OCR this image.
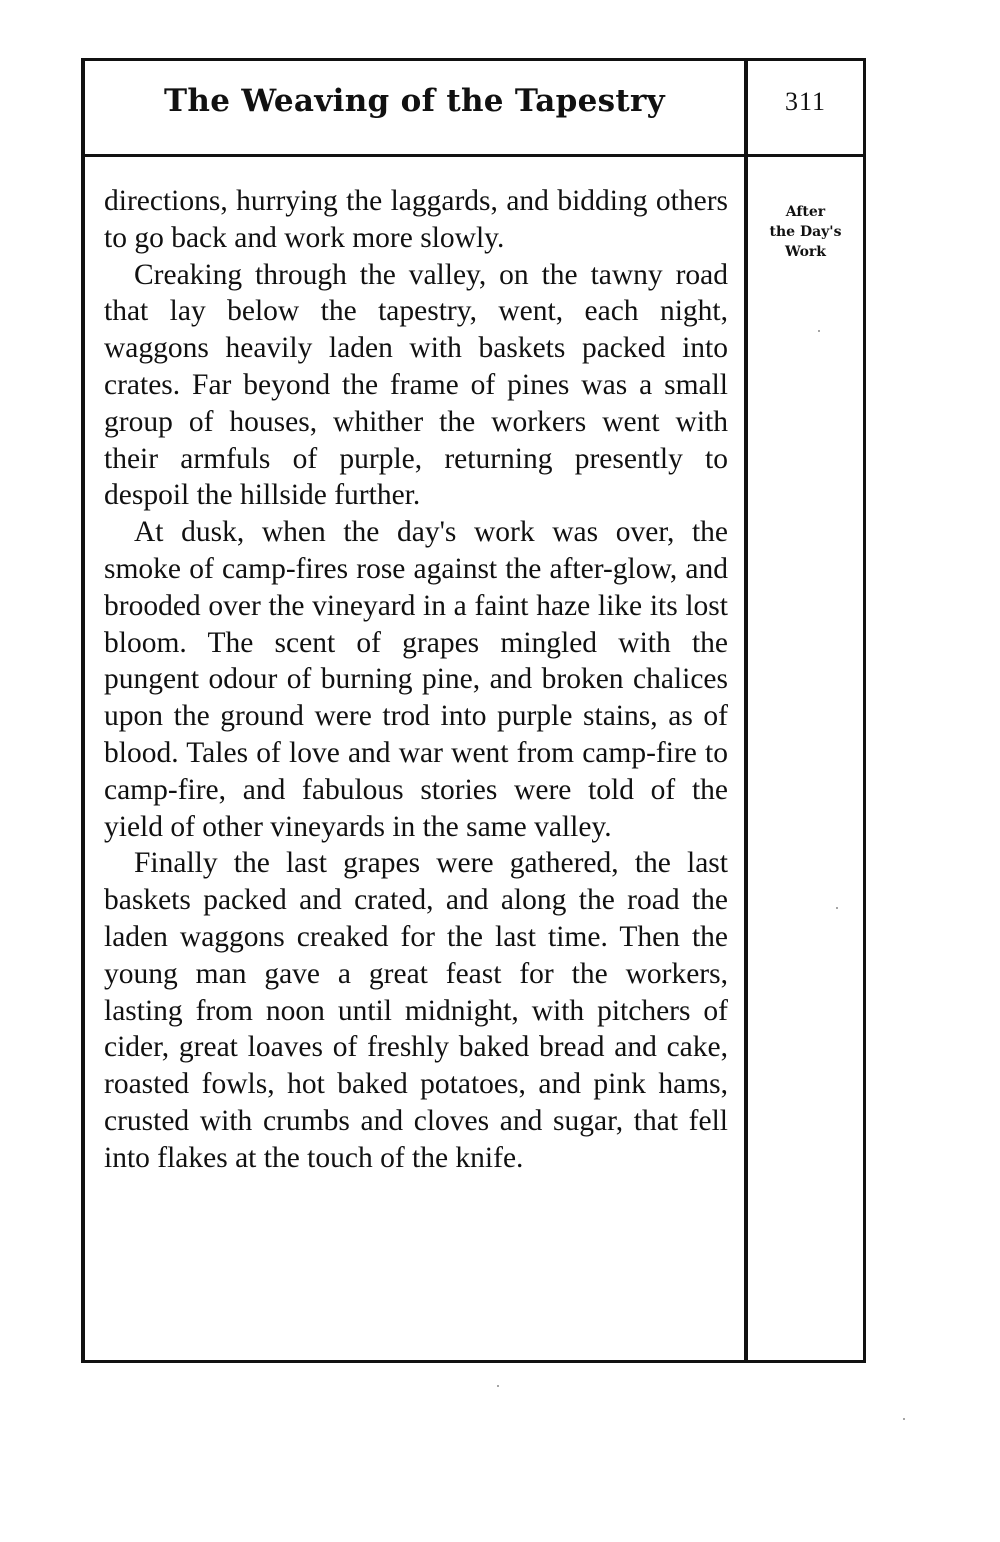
The Weaving of the Tapestry	311
After
the Day's
Work

directions, hurrying the laggards, and bidding others to go back and work more slowly.

Creaking through the valley, on the tawny road that lay below the tapestry, went, each night, waggons heavily laden with baskets packed into crates. Far beyond the frame of pines was a small group of houses, whither the workers went with their armfuls of purple, returning presently to despoil the hillside further.

At dusk, when the day's work was over, the smoke of camp-fires rose against the after-glow, and brooded over the vineyard in a faint haze like its lost bloom. The scent of grapes mingled with the pungent odour of burning pine, and broken chalices upon the ground were trod into purple stains, as of blood. Tales of love and war went from camp-fire to camp-fire, and fabulous stories were told of the yield of other vineyards in the same valley.

Finally the last grapes were gathered, the last baskets packed and crated, and along the road the laden waggons creaked for the last time. Then the young man gave a great feast for the workers, lasting from noon until midnight, with pitchers of cider, great loaves of freshly baked bread and cake, roasted fowls, hot baked potatoes, and pink hams, crusted with crumbs and cloves and sugar, that fell into flakes at the touch of the knife.
